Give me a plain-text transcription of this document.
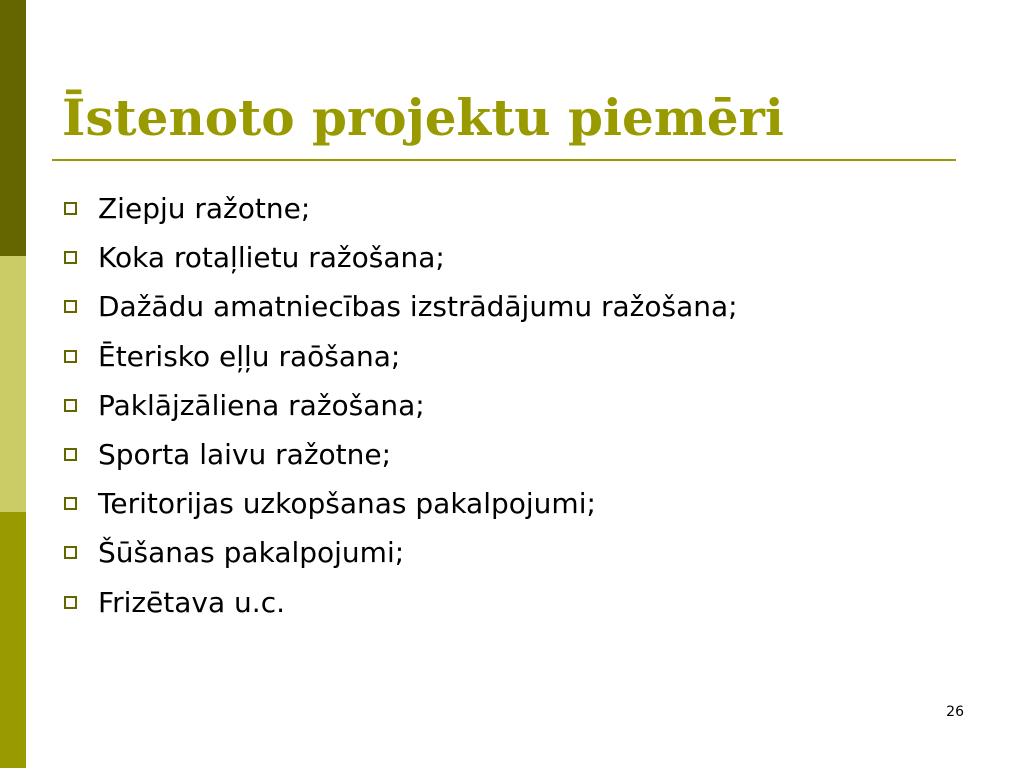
Īstenoto projektu piemēri
Ziepju ražotne;
Koka rotaļlietu ražošana;
Dažādu amatniecības izstrādājumu ražošana;
Ēterisko eļļu raōšana;
Paklājzāliena ražošana;
Sporta laivu ražotne;
Teritorijas uzkopšanas pakalpojumi;
Šūšanas pakalpojumi;
Frizētava u.c.
26
